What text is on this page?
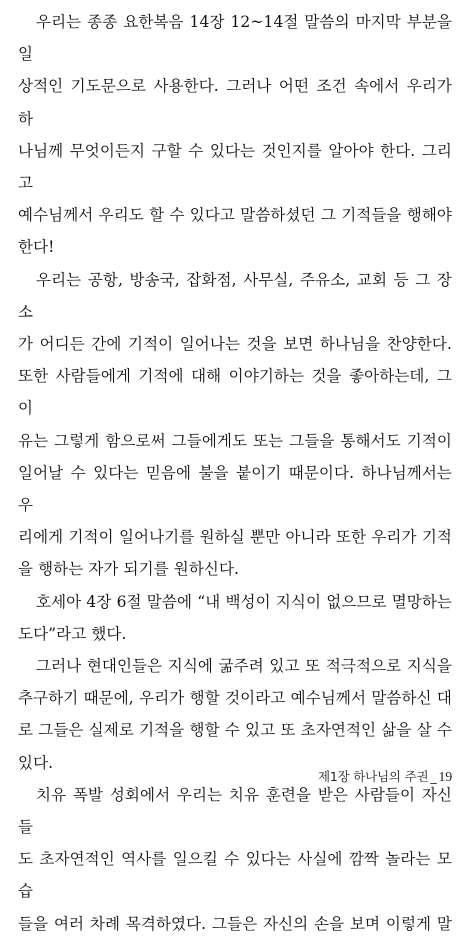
우리는 종종 요한복음 14장 12~14절 말씀의 마지막 부분을 일

상적인 기도문으로 사용한다. 그러나 어떤 조건 속에서 우리가 하
나님께 무엇이든지 구할 수 있다는 것인지를 알아야 한다. 그리고
예수님께서 우리도 할 수 있다고 말씀하셨던 그 기적들을 행해야
한다!

우리는 공항, 방송국, 잡화점, 사무실, 주유소, 교회 등 그 장소

가 어디든 간에 기적이 일어나는 것을 보면 하나님을 찬양한다.
또한 사람들에게 기적에 대해 이야기하는 것을 좋아하는데, 그 이
유는 그렇게 함으로써 그들에게도 또는 그들을 통해서도 기적이
일어날 수 있다는 믿음에 불을 붙이기 때문이다. 하나님께서는 우
리에게 기적이 일어나기를 원하실 뿐만 아니라 또한 우리가 기적
을 행하는 자가 되기를 원하신다.

호세아 4장 6절 말씀에 “내 백성이 지식이 없으므로 멸망하는

도다”라고 했다.

그러나 현대인들은 지식에 굶주려 있고 또 적극적으로 지식을

추구하기 때문에, 우리가 행할 것이라고 예수님께서 말씀하신 대
로 그들은 실제로 기적을 행할 수 있고 또 초자연적인 삶을 살 수
있다.

치유 폭발 성회에서 우리는 치유 훈련을 받은 사람들이 자신들

도 초자연적인 역사를 일으킬 수 있다는 사실에 깜짝 놀라는 모습
들을 여러 차례 목격하였다. 그들은 자신의 손을 보며 이렇게 말
제1장 하나님의 주권 _ 19
